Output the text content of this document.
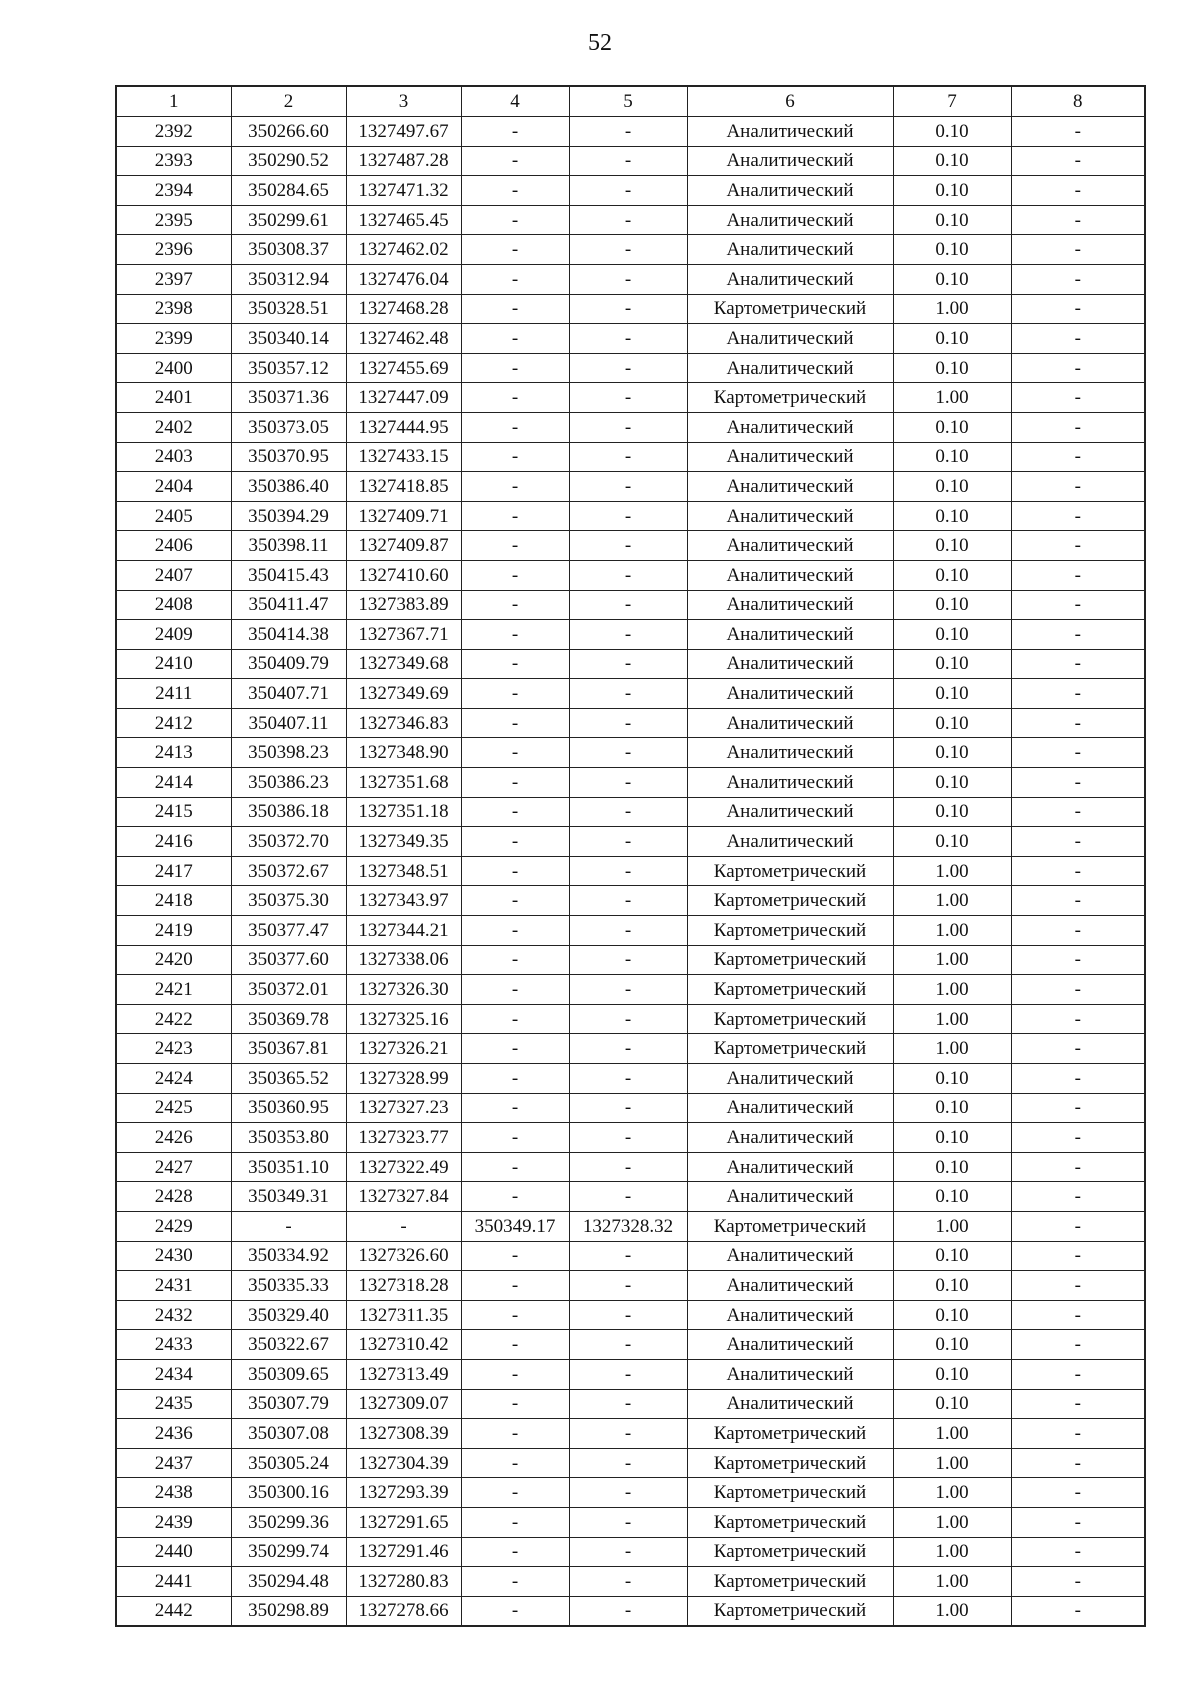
52
1	2	3	4	5	6	7	8
2392	350266.60	1327497.67	-	-	Аналитический	0.10	-
2393	350290.52	1327487.28	-	-	Аналитический	0.10	-
2394	350284.65	1327471.32	-	-	Аналитический	0.10	-
2395	350299.61	1327465.45	-	-	Аналитический	0.10	-
2396	350308.37	1327462.02	-	-	Аналитический	0.10	-
2397	350312.94	1327476.04	-	-	Аналитический	0.10	-
2398	350328.51	1327468.28	-	-	Картометрический	1.00	-
2399	350340.14	1327462.48	-	-	Аналитический	0.10	-
2400	350357.12	1327455.69	-	-	Аналитический	0.10	-
2401	350371.36	1327447.09	-	-	Картометрический	1.00	-
2402	350373.05	1327444.95	-	-	Аналитический	0.10	-
2403	350370.95	1327433.15	-	-	Аналитический	0.10	-
2404	350386.40	1327418.85	-	-	Аналитический	0.10	-
2405	350394.29	1327409.71	-	-	Аналитический	0.10	-
2406	350398.11	1327409.87	-	-	Аналитический	0.10	-
2407	350415.43	1327410.60	-	-	Аналитический	0.10	-
2408	350411.47	1327383.89	-	-	Аналитический	0.10	-
2409	350414.38	1327367.71	-	-	Аналитический	0.10	-
2410	350409.79	1327349.68	-	-	Аналитический	0.10	-
2411	350407.71	1327349.69	-	-	Аналитический	0.10	-
2412	350407.11	1327346.83	-	-	Аналитический	0.10	-
2413	350398.23	1327348.90	-	-	Аналитический	0.10	-
2414	350386.23	1327351.68	-	-	Аналитический	0.10	-
2415	350386.18	1327351.18	-	-	Аналитический	0.10	-
2416	350372.70	1327349.35	-	-	Аналитический	0.10	-
2417	350372.67	1327348.51	-	-	Картометрический	1.00	-
2418	350375.30	1327343.97	-	-	Картометрический	1.00	-
2419	350377.47	1327344.21	-	-	Картометрический	1.00	-
2420	350377.60	1327338.06	-	-	Картометрический	1.00	-
2421	350372.01	1327326.30	-	-	Картометрический	1.00	-
2422	350369.78	1327325.16	-	-	Картометрический	1.00	-
2423	350367.81	1327326.21	-	-	Картометрический	1.00	-
2424	350365.52	1327328.99	-	-	Аналитический	0.10	-
2425	350360.95	1327327.23	-	-	Аналитический	0.10	-
2426	350353.80	1327323.77	-	-	Аналитический	0.10	-
2427	350351.10	1327322.49	-	-	Аналитический	0.10	-
2428	350349.31	1327327.84	-	-	Аналитический	0.10	-
2429	-	-	350349.17	1327328.32	Картометрический	1.00	-
2430	350334.92	1327326.60	-	-	Аналитический	0.10	-
2431	350335.33	1327318.28	-	-	Аналитический	0.10	-
2432	350329.40	1327311.35	-	-	Аналитический	0.10	-
2433	350322.67	1327310.42	-	-	Аналитический	0.10	-
2434	350309.65	1327313.49	-	-	Аналитический	0.10	-
2435	350307.79	1327309.07	-	-	Аналитический	0.10	-
2436	350307.08	1327308.39	-	-	Картометрический	1.00	-
2437	350305.24	1327304.39	-	-	Картометрический	1.00	-
2438	350300.16	1327293.39	-	-	Картометрический	1.00	-
2439	350299.36	1327291.65	-	-	Картометрический	1.00	-
2440	350299.74	1327291.46	-	-	Картометрический	1.00	-
2441	350294.48	1327280.83	-	-	Картометрический	1.00	-
2442	350298.89	1327278.66	-	-	Картометрический	1.00	-
